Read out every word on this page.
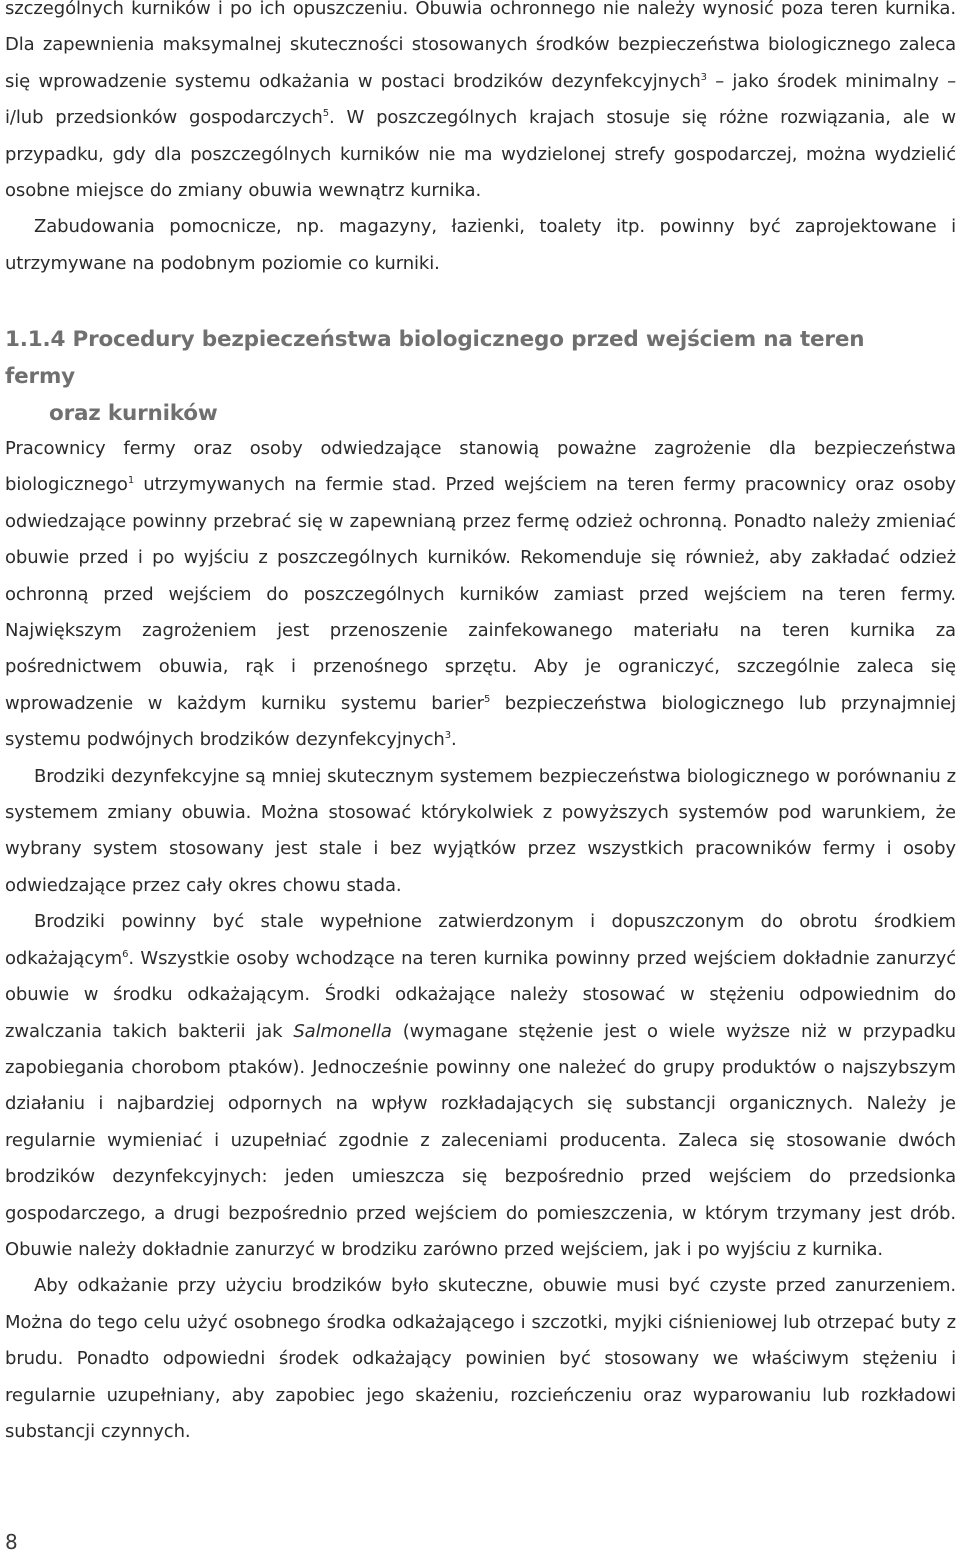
szczególnych kurników i po ich opuszczeniu. Obuwia ochronnego nie należy wynosić poza teren kurnika. Dla zapewnienia maksymalnej skuteczności stosowanych środków bezpieczeństwa biologicznego zaleca się wprowadzenie systemu odkażania w postaci brodzików dezynfekcyjnych$^3$ – jako środek minimalny – i/lub przedsionków gospodarczych$^5$. W poszczególnych krajach stosuje się różne rozwiązania, ale w przypadku, gdy dla poszczególnych kurników nie ma wydzielonej strefy gospodarczej, można wydzielić osobne miejsce do zmiany obuwia wewnątrz kurnika.
Zabudowania pomocnicze, np. magazyny, łazienki, toalety itp. powinny być zaprojektowane i utrzymywane na podobnym poziomie co kurniki.

1.1.4 Procedury bezpieczeństwa biologicznego przed wejściem na teren fermy
oraz kurników

Pracownicy fermy oraz osoby odwiedzające stanowią poważne zagrożenie dla bezpieczeństwa biologicznego$^1$ utrzymywanych na fermie stad. Przed wejściem na teren fermy pracownicy oraz osoby odwiedzające powinny przebrać się w zapewnianą przez fermę odzież ochronną. Ponadto należy zmieniać obuwie przed i po wyjściu z poszczególnych kurników. Rekomenduje się również, aby zakładać odzież ochronną przed wejściem do poszczególnych kurników zamiast przed wejściem na teren fermy. Największym zagrożeniem jest przenoszenie zainfekowanego materiału na teren kurnika za pośrednictwem obuwia, rąk i przenośnego sprzętu. Aby je ograniczyć, szczególnie zaleca się wprowadzenie w każdym kurniku systemu barier$^5$ bezpieczeństwa biologicznego lub przynajmniej systemu podwójnych brodzików dezynfekcyjnych$^3$.

Brodziki dezynfekcyjne są mniej skutecznym systemem bezpieczeństwa biologicznego w porównaniu z systemem zmiany obuwia. Można stosować którykolwiek z powyższych systemów pod warunkiem, że wybrany system stosowany jest stale i bez wyjątków przez wszystkich pracowników fermy i osoby odwiedzające przez cały okres chowu stada.

Brodziki powinny być stale wypełnione zatwierdzonym i dopuszczonym do obrotu środkiem odkażającym$^6$. Wszystkie osoby wchodzące na teren kurnika powinny przed wejściem dokładnie zanurzyć obuwie w środku odkażającym. Środki odkażające należy stosować w stężeniu odpowiednim do zwalczania takich bakterii jak Salmonella (wymagane stężenie jest o wiele wyższe niż w przypadku zapobiegania chorobom ptaków). Jednocześnie powinny one należeć do grupy produktów o najszybszym działaniu i najbardziej odpornych na wpływ rozkładających się substancji organicznych. Należy je regularnie wymieniać i uzupełniać zgodnie z zaleceniami producenta. Zaleca się stosowanie dwóch brodzików dezynfekcyjnych: jeden umieszcza się bezpośrednio przed wejściem do przedsionka gospodarczego, a drugi bezpośrednio przed wejściem do pomieszczenia, w którym trzymany jest drób. Obuwie należy dokładnie zanurzyć w brodziku zarówno przed wejściem, jak i po wyjściu z kurnika.

Aby odkażanie przy użyciu brodzików było skuteczne, obuwie musi być czyste przed zanurzeniem. Można do tego celu użyć osobnego środka odkażającego i szczotki, myjki ciśnieniowej lub otrzepać buty z brudu. Ponadto odpowiedni środek odkażający powinien być stosowany we właściwym stężeniu i regularnie uzupełniany, aby zapobiec jego skażeniu, rozcieńczeniu oraz wyparowaniu lub rozkładowi substancji czynnych.

8
